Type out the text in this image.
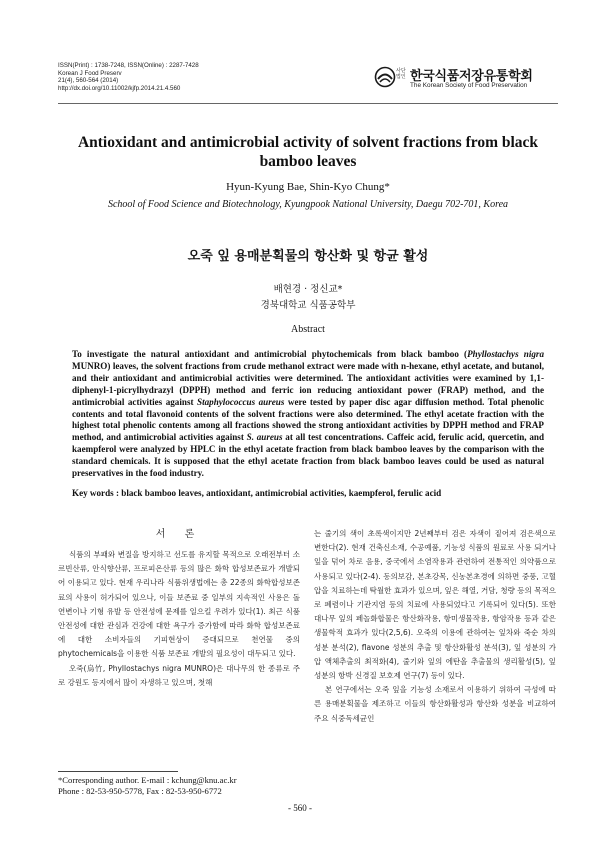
ISSN(Print) : 1738-7248, ISSN(Online) : 2287-7428
Korean J Food Preserv
21(4), 560-564 (2014)
http://dx.doi.org/10.11002/kjfp.2014.21.4.560
사단 법인 한국식품저장유통학회
The Korean Society of Food Preservation
Antioxidant and antimicrobial activity of solvent fractions from black bamboo leaves
Hyun-Kyung Bae, Shin-Kyo Chung*
School of Food Science and Biotechnology, Kyungpook National University, Daegu 702-701, Korea
오죽 잎 용매분획물의 항산화 및 항균 활성
배현경 · 정신교*
경북대학교 식품공학부
Abstract
To investigate the natural antioxidant and antimicrobial phytochemicals from black bamboo (Phyllostachys nigra MUNRO) leaves, the solvent fractions from crude methanol extract were made with n-hexane, ethyl acetate, and butanol, and their antioxidant and antimicrobial activities were determined. The antioxidant activities were examined by 1,1-diphenyl-1-picrylhydrazyl (DPPH) method and ferric ion reducing antioxidant power (FRAP) method, and the antimicrobial activities against Staphylococcus aureus were tested by paper disc agar diffusion method. Total phenolic contents and total flavonoid contents of the solvent fractions were also determined. The ethyl acetate fraction with the highest total phenolic contents among all fractions showed the strong antioxidant activities by DPPH method and FRAP method, and antimicrobial activities against S. aureus at all test concentrations. Caffeic acid, ferulic acid, quercetin, and kaempferol were analyzed by HPLC in the ethyl acetate fraction from black bamboo leaves by the comparison with the standard chemicals. It is supposed that the ethyl acetate fraction from black bamboo leaves could be used as natural preservatives in the food industry.
Key words : black bamboo leaves, antioxidant, antimicrobial activities, kaempferol, ferulic acid
서 론

식품의 부패와 변질을 방지하고 선도를 유지할 목적으로 오래전부터 소르빈산류, 안식향산류, 프로피온산류 등의 많은 화학 합성보존료가 개발되어 이용되고 있다. 현재 우리나라 식품위생법에는 총 22종의 화학합성보존료의 사용이 허가되어 있으나, 이들 보존료 중 일부의 지속적인 사용은 돌연변이나 기형 유발 등 안전성에 문제를 일으킬 우려가 있다(1). 최근 식품 안전성에 대한 관심과 건강에 대한 욕구가 증가함에 따라 화학 합성보존료에 대한 소비자들의 기피현상이 증대되므로 천연물 중의 phytochemicals을 이용한 식품 보존료 개발의 필요성이 대두되고 있다.

오죽(烏竹, Phyllostachys nigra MUNRO)은 대나무의 한 종류로 주로 강원도 등지에서 많이 자생하고 있으며, 첫해

는 줄기의 색이 초록색이지만 2년째부터 검은 자색이 짙어져 검은색으로 변한다(2). 현재 건축신소재, 수공예품, 기능성 식품의 원료로 사용 되거나 잎을 덖어 차로 음용, 중국에서 소염작용과 관련하여 전통적인 의약품으로 사용되고 있다(2-4). 동의보감, 본초강목, 신농본초경에 의하면 중풍, 고혈압을 치료하는데 탁월한 효과가 있으며, 잎은 해열, 거담, 청량 등의 목적으로 폐렴이나 기관지염 등의 치료에 사용되었다고 기록되어 있다(5). 또한 대나무 잎의 페놀화합물은 항산화작용, 항미생물작용, 항암작용 등과 같은 생물학적 효과가 있다(2,5,6). 오죽의 이용에 관하여는 잎차와 죽순 차의 성분 분석(2), flavone 성분의 추출 및 항산화활성 분석(3), 잎 성분의 가압 액체추출의 최적화(4), 줄기와 잎의 에탄올 추출물의 생리활성(5), 잎 성분의 항박 신경질 보호제 연구(7) 등이 있다.

본 연구에서는 오죽 잎을 기능성 소재로서 이용하기 위하여 극성에 따른 용매분획물을 제조하고 이들의 항산화활성과 항산화 성분을 비교하여 주요 식중독세균인

*Corresponding author. E-mail : kchung@knu.ac.kr
Phone : 82-53-950-5778, Fax : 82-53-950-6772
- 560 -
